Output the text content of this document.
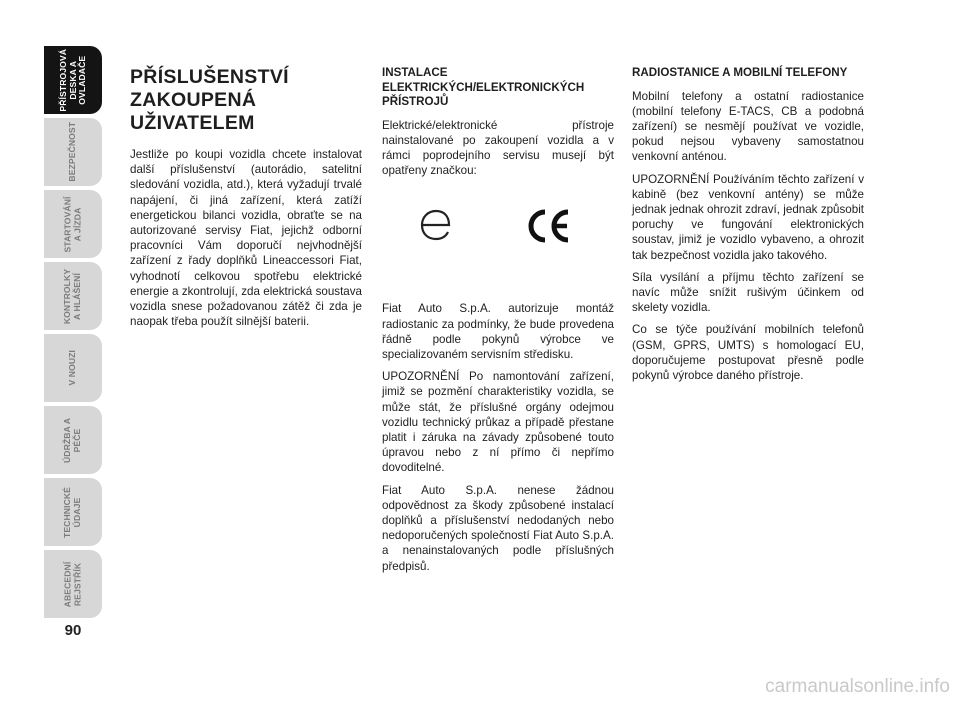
PŘÍSTROJOVÁ
DESKA A
OVLADAČE
BEZPEČNOST
STARTOVÁNÍ
A JÍZDA
KONTROLKY
A HLÁŠENÍ
V NOUZI
ÚDRŽBA A
PÉČE
TECHNICKÉ
ÚDAJE
ABECEDNÍ
REJSTŘÍK
90
PŘÍSLUŠENSTVÍ ZAKOUPENÁ UŽIVATELEM

Jestliže po koupi vozidla chcete instalovat další příslušenství (autorádio, satelitní sledování vozidla, atd.), která vyžadují trvalé napájení, či jiná zařízení, která zatíží energetickou bilanci vozidla, obraťte se na autorizované servisy Fiat, jejichž odborní pracovníci Vám doporučí nejvhodnější zařízení z řady doplňků Lineaccessori Fiat, vyhodnotí celkovou spotřebu elektrické energie a zkontrolují, zda elektrická soustava vozidla snese požadovanou zátěž či zda je naopak třeba použít silnější baterii.

INSTALACE ELEKTRICKÝCH/ELEKTRONICKÝCH PŘÍSTROJŮ

Elektrické/elektronické přístroje nainstalované po zakoupení vozidla a v rámci poprodejního servisu musejí být opatřeny značkou:

Fiat Auto S.p.A. autorizuje montáž radiostanic za podmínky, že bude provedena řádně podle pokynů výrobce ve specializovaném servisním středisku.

UPOZORNĚNÍ Po namontování zařízení, jimiž se pozmění charakteristiky vozidla, se může stát, že příslušné orgány odejmou vozidlu technický průkaz a případě přestane platit i záruka na závady způsobené touto úpravou nebo z ní přímo či nepřímo dovoditelné.

Fiat Auto S.p.A. nenese žádnou odpovědnost za škody způsobené instalací doplňků a příslušenství nedodaných nebo nedoporučených společností Fiat Auto S.p.A. a nenainstalovaných podle příslušných předpisů.

RADIOSTANICE A MOBILNÍ TELEFONY

Mobilní telefony a ostatní radiostanice (mobilní telefony E-TACS, CB a podobná zařízení) se nesmějí používat ve vozidle, pokud nejsou vybaveny samostatnou venkovní anténou.

UPOZORNĚNÍ Používáním těchto zařízení v kabině (bez venkovní antény) se může jednak jednak ohrozit zdraví, jednak způsobit poruchy ve fungování elektronických soustav, jimiž je vozidlo vybaveno, a ohrozit tak bezpečnost vozidla jako takového.

Síla vysílání a příjmu těchto zařízení se navíc může snížit rušivým účinkem od skelety vozidla.

Co se týče používání mobilních telefonů (GSM, GPRS, UMTS) s homologací EU, doporučujeme postupovat přesně podle pokynů výrobce daného přístroje.

carmanualsonline.info
